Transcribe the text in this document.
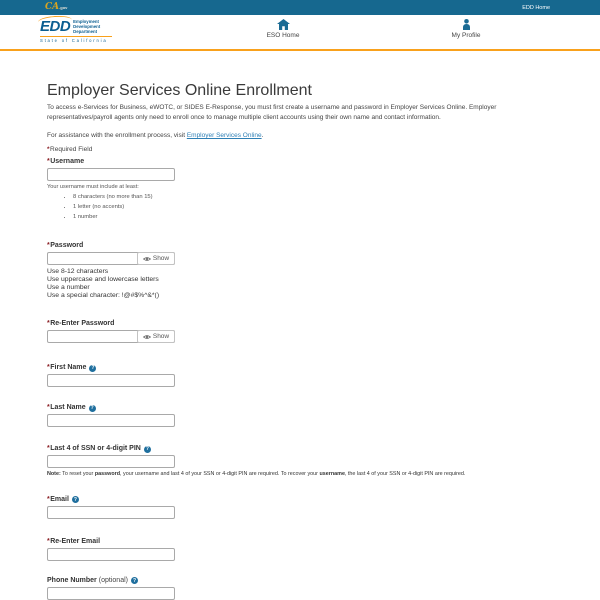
CA.gov	EDD Home
EDD Employment
Development
Department
State of California
ESO Home	My Profile
Employer Services Online Enrollment

To access e-Services for Business, eWOTC, or SIDES E-Response, you must first create a username and password in Employer Services Online. Employer representatives/payroll agents only need to enroll once to manage multiple client accounts using their own name and contact information.

For assistance with the enrollment process, visit Employer Services Online.

*Required Field

* Username
Your username must include at least:
• 8 characters (no more than 15)
• 1 letter (no accents)
• 1 number
* Password
Show
Use 8-12 characters
Use uppercase and lowercase letters
Use a number
Use a special character: !@#$%^&*()
* Re-Enter Password
Show
* First Name ?
* Last Name ?
* Last 4 of SSN or 4-digit PIN ?

Note: To reset your password, your username and last 4 of your SSN or 4-digit PIN are required. To recover your username, the last 4 of your SSN or 4-digit PIN are required.

* Email ?
* Re-Enter Email
Phone Number (optional) ?
